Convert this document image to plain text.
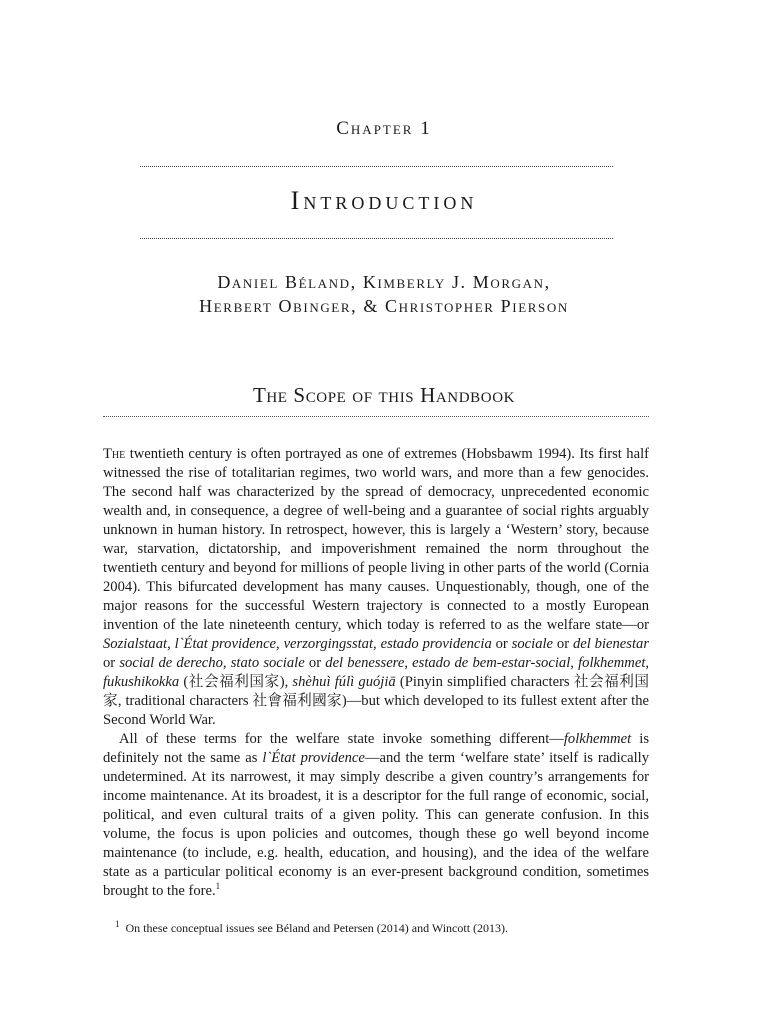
Chapter 1
Introduction
Daniel Béland, Kimberly J. Morgan,
Herbert Obinger, & Christopher Pierson
The Scope of this Handbook

The twentieth century is often portrayed as one of extremes (Hobsbawm 1994). Its first half witnessed the rise of totalitarian regimes, two world wars, and more than a few genocides. The second half was characterized by the spread of democracy, unprecedented economic wealth and, in consequence, a degree of well-being and a guarantee of social rights arguably unknown in human history. In retrospect, however, this is largely a ‘Western’ story, because war, starvation, dictatorship, and impoverishment remained the norm throughout the twentieth century and beyond for millions of people living in other parts of the world (Cornia 2004). This bifurcated development has many causes. Unquestionably, though, one of the major reasons for the successful Western trajectory is connected to a mostly European invention of the late nineteenth century, which today is referred to as the welfare state—or Sozialstaat, l`État providence, verzorgingsstat, estado providencia or sociale or del bienestar or social de derecho, stato sociale or del benessere, estado de bem-estar-social, folkhemmet, fukushikokka (社会福利国家), shèhuì fúlì guójiā (Pinyin simplified characters 社会福利国家, traditional characters 社會福利國家)—but which developed to its fullest extent after the Second World War.

All of these terms for the welfare state invoke something different—folkhemmet is definitely not the same as l`État providence—and the term ‘welfare state’ itself is radically undetermined. At its narrowest, it may simply describe a given country’s arrangements for income maintenance. At its broadest, it is a descriptor for the full range of economic, social, political, and even cultural traits of a given polity. This can generate confusion. In this volume, the focus is upon policies and outcomes, though these go well beyond income maintenance (to include, e.g. health, education, and housing), and the idea of the welfare state as a particular political economy is an ever-present background condition, sometimes brought to the fore.$^1$

$^1$ On these conceptual issues see Béland and Petersen (2014) and Wincott (2013).
